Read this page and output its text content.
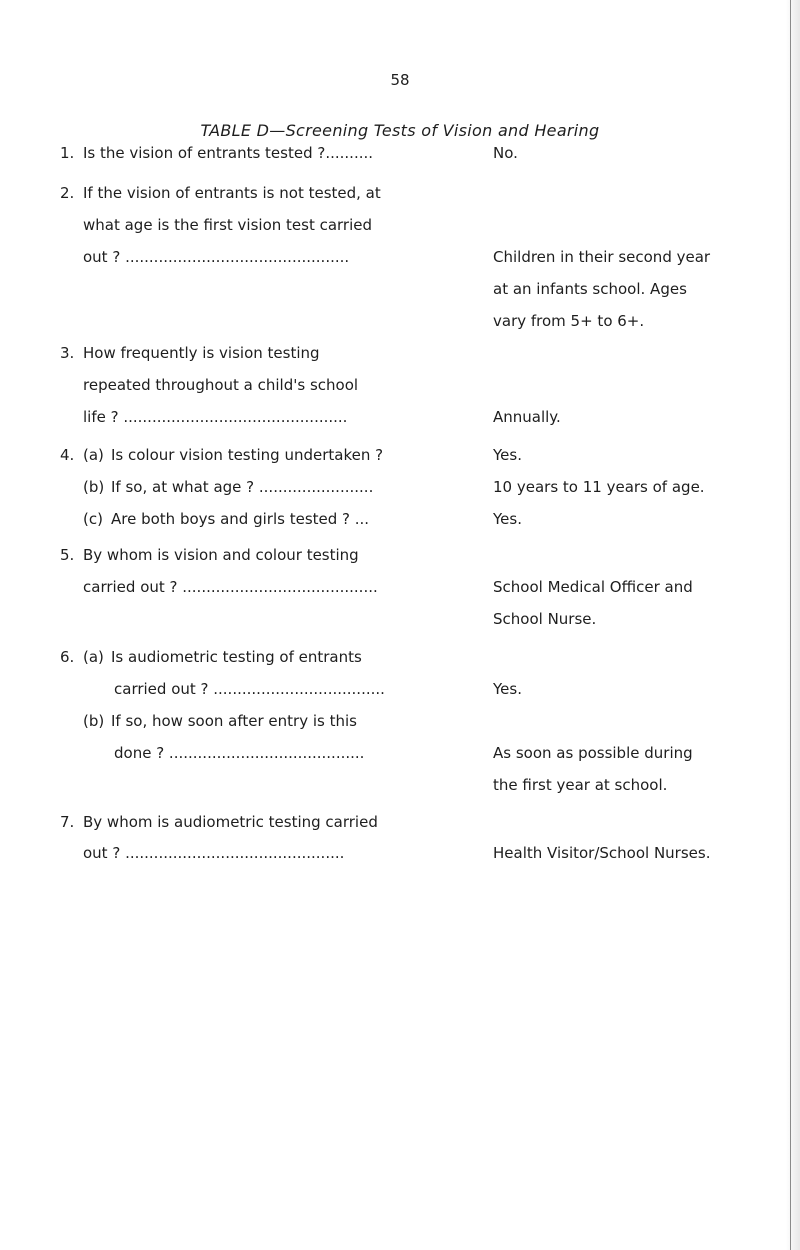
58
TABLE D—Screening Tests of Vision and Hearing
1. Is the vision of entrants tested ?..........	No.
2. If the vision of entrants is not tested, at
what age is the first vision test carried
out ? ...............................................	Children in their second year
at an infants school. Ages
vary from 5+ to 6+.
3. How frequently is vision testing
repeated throughout a child's school
life ? ...............................................	Annually.
4. (a) Is colour vision testing undertaken ?	Yes.
(b) If so, at what age ? ........................	10 years to 11 years of age.
(c) Are both boys and girls tested ? ...	Yes.
5. By whom is vision and colour testing
carried out ? .........................................	School Medical Officer and
School Nurse.
6. (a) Is audiometric testing of entrants
carried out ? ....................................	Yes.
(b) If so, how soon after entry is this
done ? .........................................	As soon as possible during
the first year at school.
7. By whom is audiometric testing carried
out ? ..............................................	Health Visitor/School Nurses.
